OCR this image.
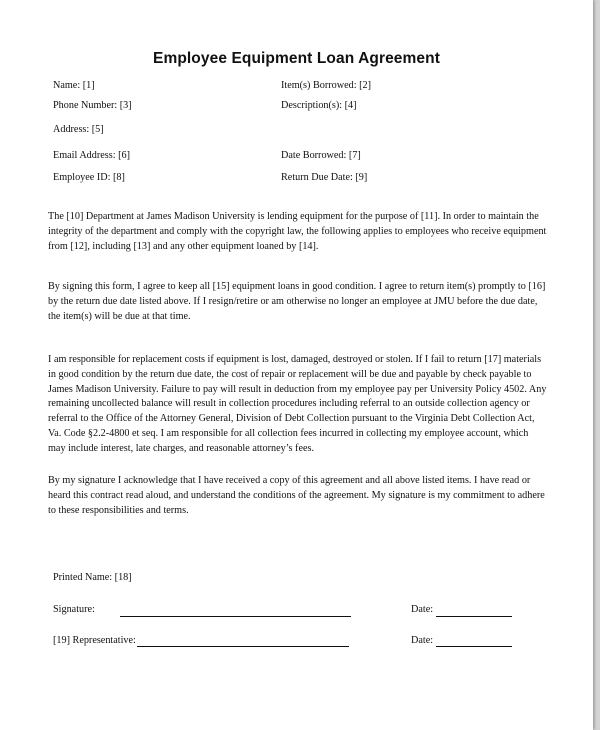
Employee Equipment Loan Agreement
Name: [1]	Item(s) Borrowed: [2]
Phone Number: [3]	Description(s): [4]
Address: [5]
Email Address: [6]	Date Borrowed: [7]
Employee ID: [8]	Return Due Date: [9]

The [10] Department at James Madison University is lending equipment for the purpose of [11]. In order to maintain the integrity of the department and comply with the copyright law, the following applies to employees who receive equipment from [12], including [13] and any other equipment loaned by [14].

By signing this form, I agree to keep all [15] equipment loans in good condition. I agree to return item(s) promptly to [16] by the return due date listed above. If I resign/retire or am otherwise no longer an employee at JMU before the due date, the item(s) will be due at that time.

I am responsible for replacement costs if equipment is lost, damaged, destroyed or stolen. If I fail to return [17] materials in good condition by the return due date, the cost of repair or replacement will be due and payable by check payable to James Madison University. Failure to pay will result in deduction from my employee pay per University Policy 4502. Any remaining uncollected balance will result in collection procedures including referral to an outside collection agency or referral to the Office of the Attorney General, Division of Debt Collection pursuant to the Virginia Debt Collection Act, Va. Code §2.2-4800 et seq. I am responsible for all collection fees incurred in collecting my employee account, which may include interest, late charges, and reasonable attorney’s fees.

By my signature I acknowledge that I have received a copy of this agreement and all above listed items. I have read or heard this contract read aloud, and understand the conditions of the agreement. My signature is my commitment to adhere to these responsibilities and terms.

Printed Name: [18]
Signature:	Date:
[19] Representative:	Date:
